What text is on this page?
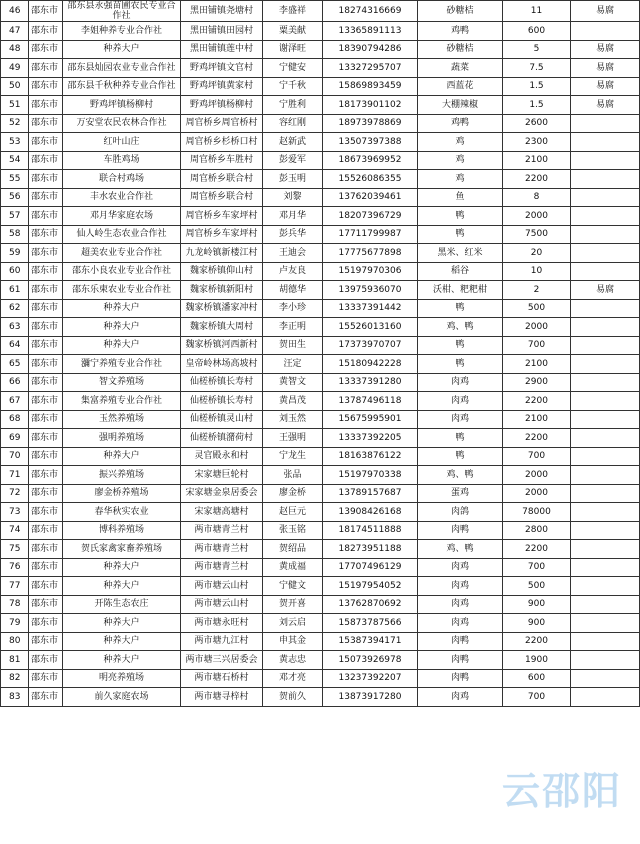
46	邵东市	邵东县永强苗圃农民专业合作社	黑田铺镇尧塘村	李盛祥	18274316669	砂糖桔	11	易腐
47	邵东市	李姐种养专业合作社	黑田铺镇田园村	粟美献	13365891113	鸡鸭	600	
48	邵东市	种养大户	黑田铺镇莲中村	谢泽旺	18390794286	砂糖桔	5	易腐
49	邵东市	邵东县灿园农业专业合作社	野鸡坪镇文官村	宁健安	13327295707	蔬菜	7.5	易腐
50	邵东市	邵东县千秋种养专业合作社	野鸡坪镇黄家村	宁千秋	15869893459	西蓝花	1.5	易腐
51	邵东市	野鸡坪镇杨柳村	野鸡坪镇杨柳村	宁胜利	18173901102	大棚辣椒	1.5	易腐
52	邵东市	万安堂农民农林合作社	周官桥乡周官桥村	容红刚	18973978869	鸡鸭	2600	
53	邵东市	红叶山庄	周官桥乡杉桥口村	赵新武	13507397388	鸡	2300	
54	邵东市	车胜鸡场	周官桥乡车胜村	彭爱军	18673969952	鸡	2100	
55	邵东市	联合村鸡场	周官桥乡联合村	彭玉明	15526086355	鸡	2200	
56	邵东市	丰水农业合作社	周官桥乡联合村	刘黎	13762039461	鱼	8	
57	邵东市	邓月华家庭农场	周官桥乡车家坪村	邓月华	18207396729	鸭	2000	
58	邵东市	仙人岭生态农业合作社	周官桥乡车家坪村	彭兵华	17711799987	鸭	7500	
59	邵东市	超美农业专业合作社	九龙岭镇新楼江村	王迪会	17775677898	黑米、红米	20	
60	邵东市	邵东小良农业专业合作社	魏家桥镇仰山村	卢友良	15197970306	稻谷	10	
61	邵东市	邵东乐柬农业专业合作社	魏家桥镇新阳村	胡德华	13975936070	沃柑、粑粑柑	2	易腐
62	邵东市	种养大户	魏家桥镇潘家冲村	李小珍	13337391442	鸭	500	
63	邵东市	种养大户	魏家桥镇大周村	李正明	15526013160	鸡、鸭	2000	
64	邵东市	种养大户	魏家桥镇河西新村	贺田生	17373970707	鸭	700	
65	邵东市	瀰宁养殖专业合作社	皇帝岭林场高坡村	汪定	15180942228	鸭	2100	
66	邵东市	智文养殖场	仙槎桥镇长寿村	黄智文	13337391280	肉鸡	2900	
67	邵东市	集富养殖专业合作社	仙槎桥镇长寿村	黄昌茂	13787496118	肉鸡	2200	
68	邵东市	玉然养殖场	仙槎桥镇灵山村	刘玉然	15675995901	肉鸡	2100	
69	邵东市	强明养殖场	仙槎桥镇潴荷村	王强明	13337392205	鸭	2200	
70	邵东市	种养大户	灵官殿永和村	宁龙生	18163876122	鸭	700	
71	邵东市	振兴养殖场	宋家塘巨轮村	张品	15197970338	鸡、鸭	2000	
72	邵东市	廖金桥养殖场	宋家塘金泉居委会	廖金桥	13789157687	蛋鸡	2000	
73	邵东市	春华秋实农业	宋家塘高塘村	赵巨元	13908426168	肉鸽	78000	
74	邵东市	博科养殖场	两市塘青兰村	张玉铭	18174511888	肉鸭	2800	
75	邵东市	贺氏家禽家畜养殖场	两市塘青兰村	贺绍品	18273951188	鸡、鸭	2200	
76	邵东市	种养大户	两市塘青兰村	黄成福	17707496129	肉鸡	700	
77	邵东市	种养大户	两市塘云山村	宁健文	15197954052	肉鸡	500	
78	邵东市	开陈生态农庄	两市塘云山村	贺开喜	13762870692	肉鸡	900	
79	邵东市	种养大户	两市塘永旺村	刘云启	15873787566	肉鸡	900	
80	邵东市	种养大户	两市塘九江村	申其金	15387394171	肉鸭	2200	
81	邵东市	种养大户	两市塘三兴居委会	黄志忠	15073926978	肉鸭	1900	
82	邵东市	明亮养殖场	两市塘石桥村	邓才亮	13237392207	肉鸭	600	
83	邵东市	前久家庭农场	两市塘寻梓村	贺前久	13873917280	肉鸡	700	
云邵阳
